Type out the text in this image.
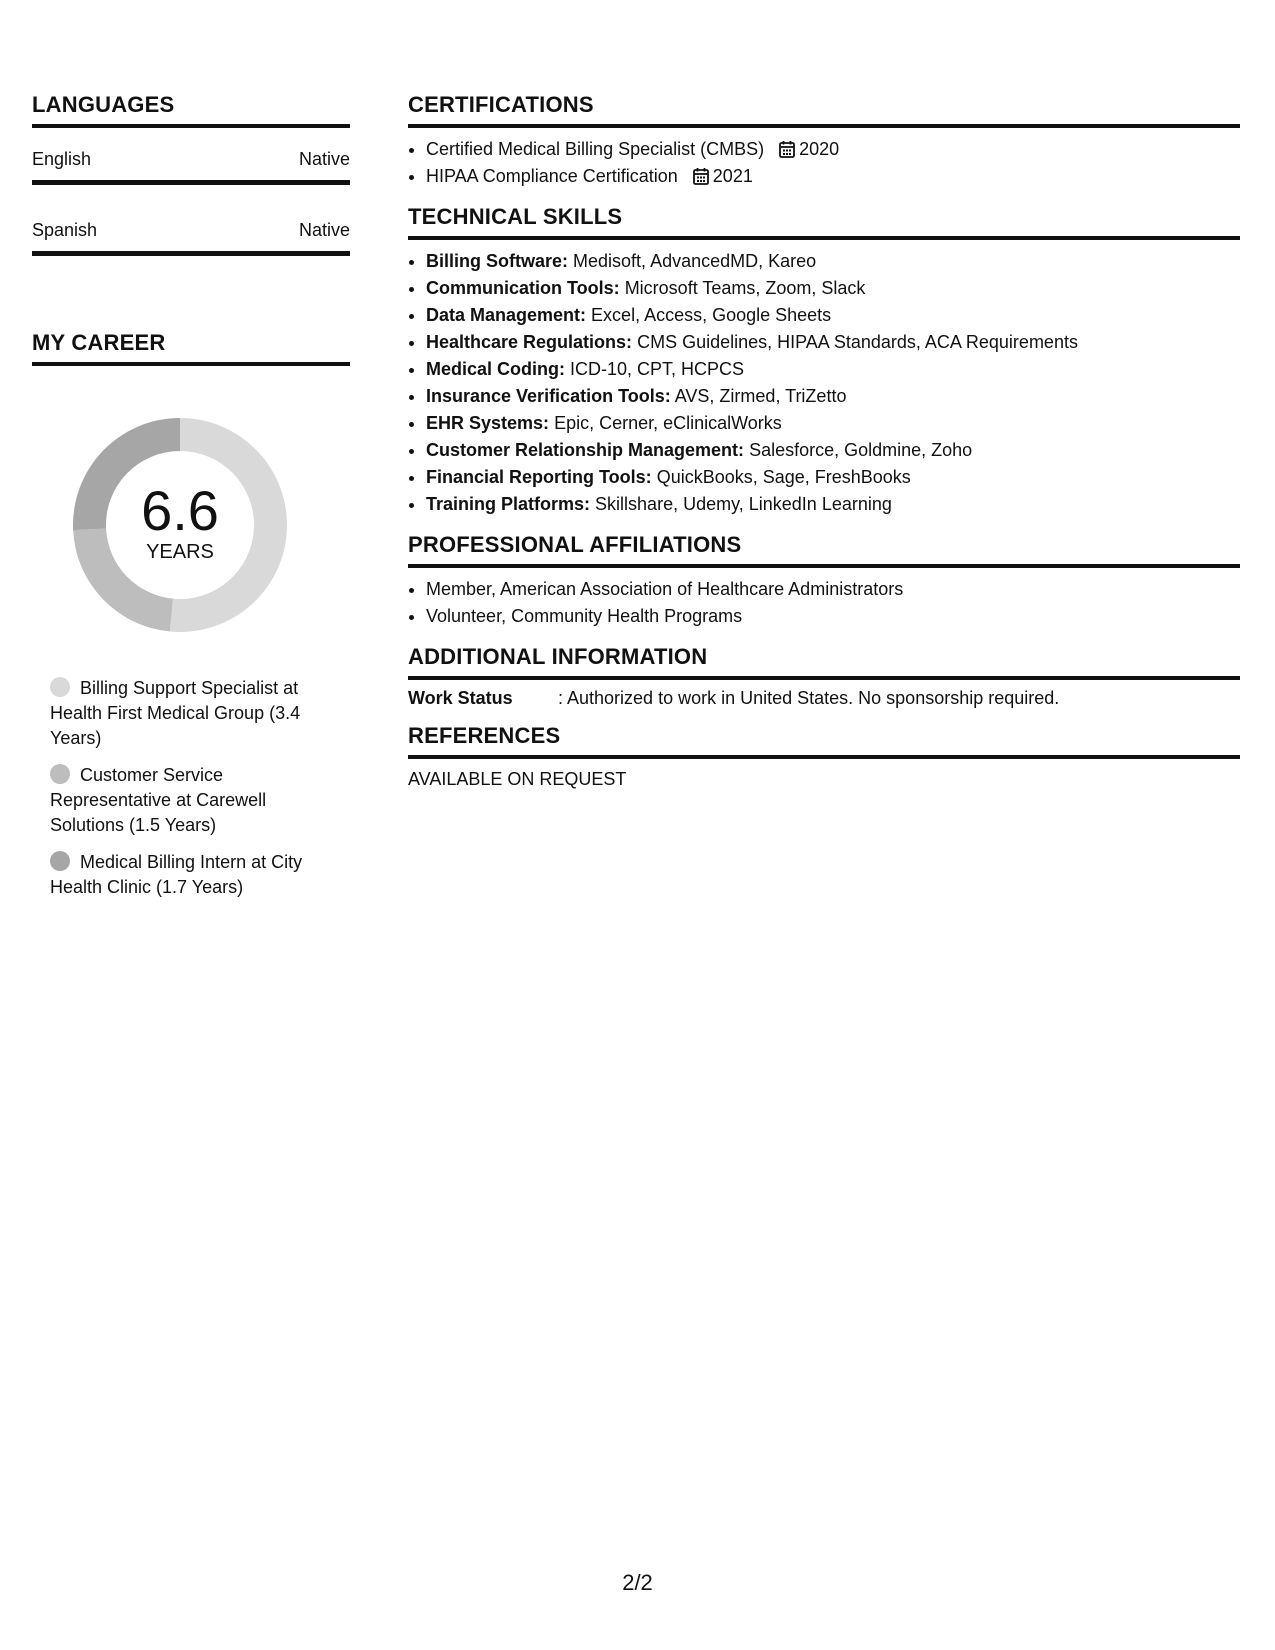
LANGUAGES
English	Native
Spanish	Native
MY CAREER
6.6
YEARS
Billing Support Specialist at Health First Medical Group (3.4 Years)
Customer Service Representative at Carewell Solutions (1.5 Years)
Medical Billing Intern at City Health Clinic (1.7 Years)
CERTIFICATIONS
• Certified Medical Billing Specialist (CMBS) 2020
• HIPAA Compliance Certification 2021
TECHNICAL SKILLS
• Billing Software: Medisoft, AdvancedMD, Kareo
• Communication Tools: Microsoft Teams, Zoom, Slack
• Data Management: Excel, Access, Google Sheets
• Healthcare Regulations: CMS Guidelines, HIPAA Standards, ACA Requirements
• Medical Coding: ICD-10, CPT, HCPCS
• Insurance Verification Tools: AVS, Zirmed, TriZetto
• EHR Systems: Epic, Cerner, eClinicalWorks
• Customer Relationship Management: Salesforce, Goldmine, Zoho
• Financial Reporting Tools: QuickBooks, Sage, FreshBooks
• Training Platforms: Skillshare, Udemy, LinkedIn Learning
PROFESSIONAL AFFILIATIONS
• Member, American Association of Healthcare Administrators
• Volunteer, Community Health Programs
ADDITIONAL INFORMATION
Work Status	: Authorized to work in United States. No sponsorship required.
REFERENCES
AVAILABLE ON REQUEST
2/2
